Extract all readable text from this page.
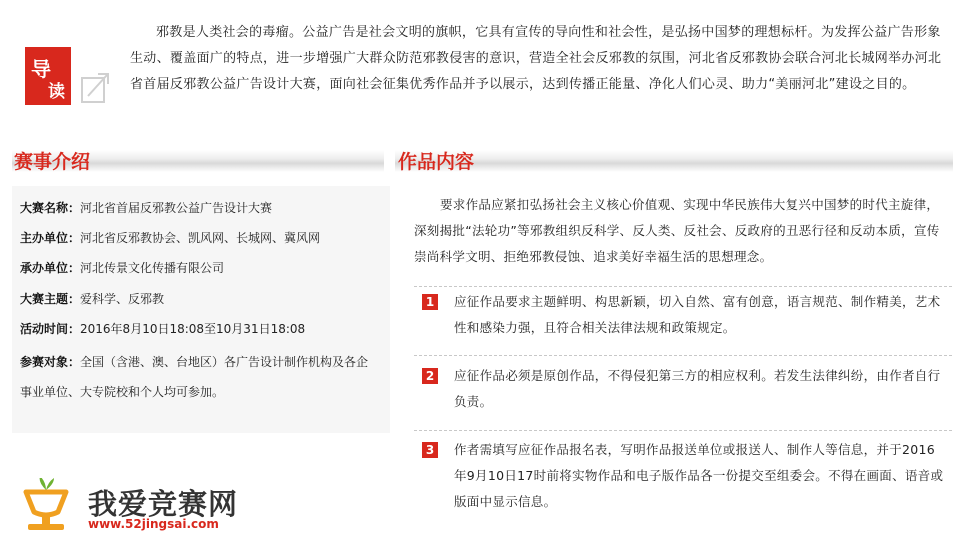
导
读
邪教是人类社会的毒瘤。公益广告是社会文明的旗帜，它具有宣传的导向性和社会性，是弘扬中国梦的理想标杆。为发挥公益广告形象生动、覆盖面广的特点，进一步增强广大群众防范邪教侵害的意识，营造全社会反邪教的氛围，河北省反邪教协会联合河北长城网举办河北省首届反邪教公益广告设计大赛，面向社会征集优秀作品并予以展示，达到传播正能量、净化人们心灵、助力“美丽河北”建设之目的。
赛事介绍	作品内容
大赛名称：河北省首届反邪教公益广告设计大赛
主办单位：河北省反邪教协会、凯风网、长城网、冀风网
承办单位：河北传景文化传播有限公司
大赛主题：爱科学、反邪教
活动时间：2016年8月10日18:08至10月31日18:08
参赛对象：全国（含港、澳、台地区）各广告设计制作机构及各企事业单位、大专院校和个人均可参加。
要求作品应紧扣弘扬社会主义核心价值观、实现中华民族伟大复兴中国梦的时代主旋律，深刻揭批“法轮功”等邪教组织反科学、反人类、反社会、反政府的丑恶行径和反动本质，宣传崇尚科学文明、拒绝邪教侵蚀、追求美好幸福生活的思想理念。
1	应征作品要求主题鲜明、构思新颖，切入自然、富有创意，语言规范、制作精美，艺术性和感染力强，且符合相关法律法规和政策规定。
2	应征作品必须是原创作品，不得侵犯第三方的相应权利。若发生法律纠纷，由作者自行负责。
3	作者需填写应征作品报名表，写明作品报送单位或报送人、制作人等信息，并于2016年9月10日17时前将实物作品和电子版作品各一份提交至组委会。不得在画面、语音或版面中显示信息。
我爱竞赛网
www.52jingsai.com
